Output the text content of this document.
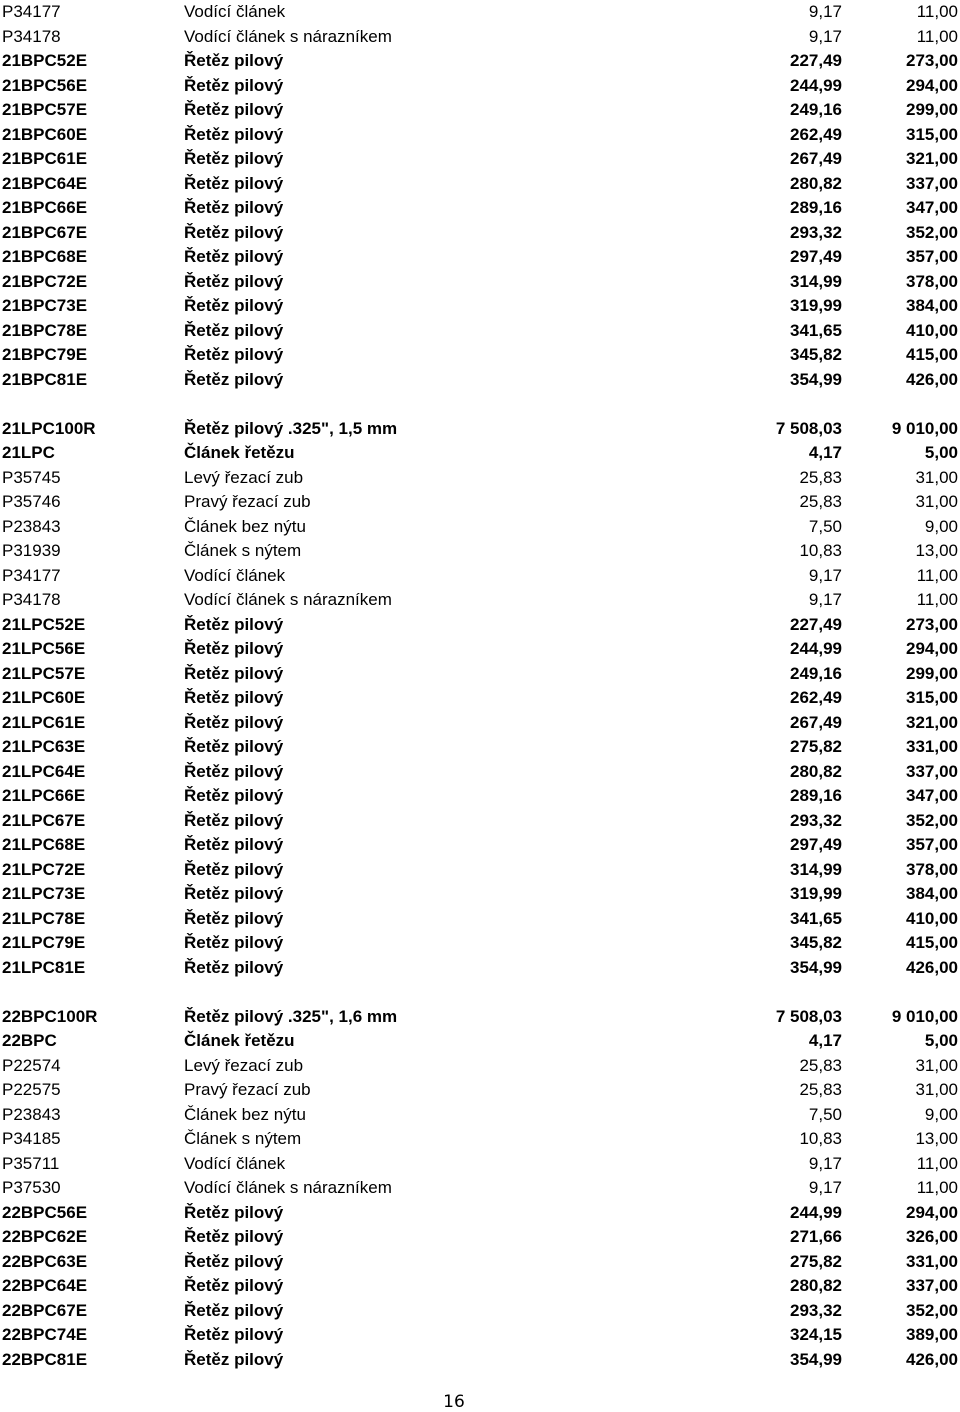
P34177	Vodící článek	9,17	11,00
P34178	Vodící článek s nárazníkem	9,17	11,00
21BPC52E	Řetěz pilový	227,49	273,00
21BPC56E	Řetěz pilový	244,99	294,00
21BPC57E	Řetěz pilový	249,16	299,00
21BPC60E	Řetěz pilový	262,49	315,00
21BPC61E	Řetěz pilový	267,49	321,00
21BPC64E	Řetěz pilový	280,82	337,00
21BPC66E	Řetěz pilový	289,16	347,00
21BPC67E	Řetěz pilový	293,32	352,00
21BPC68E	Řetěz pilový	297,49	357,00
21BPC72E	Řetěz pilový	314,99	378,00
21BPC73E	Řetěz pilový	319,99	384,00
21BPC78E	Řetěz pilový	341,65	410,00
21BPC79E	Řetěz pilový	345,82	415,00
21BPC81E	Řetěz pilový	354,99	426,00
21LPC100R	Řetěz pilový .325", 1,5 mm	7 508,03	9 010,00
21LPC	Článek řetězu	4,17	5,00
P35745	Levý řezací zub	25,83	31,00
P35746	Pravý řezací zub	25,83	31,00
P23843	Článek bez nýtu	7,50	9,00
P31939	Článek s nýtem	10,83	13,00
P34177	Vodící článek	9,17	11,00
P34178	Vodící článek s nárazníkem	9,17	11,00
21LPC52E	Řetěz pilový	227,49	273,00
21LPC56E	Řetěz pilový	244,99	294,00
21LPC57E	Řetěz pilový	249,16	299,00
21LPC60E	Řetěz pilový	262,49	315,00
21LPC61E	Řetěz pilový	267,49	321,00
21LPC63E	Řetěz pilový	275,82	331,00
21LPC64E	Řetěz pilový	280,82	337,00
21LPC66E	Řetěz pilový	289,16	347,00
21LPC67E	Řetěz pilový	293,32	352,00
21LPC68E	Řetěz pilový	297,49	357,00
21LPC72E	Řetěz pilový	314,99	378,00
21LPC73E	Řetěz pilový	319,99	384,00
21LPC78E	Řetěz pilový	341,65	410,00
21LPC79E	Řetěz pilový	345,82	415,00
21LPC81E	Řetěz pilový	354,99	426,00
22BPC100R	Řetěz pilový .325", 1,6 mm	7 508,03	9 010,00
22BPC	Článek řetězu	4,17	5,00
P22574	Levý řezací zub	25,83	31,00
P22575	Pravý řezací zub	25,83	31,00
P23843	Článek bez nýtu	7,50	9,00
P34185	Článek s nýtem	10,83	13,00
P35711	Vodící článek	9,17	11,00
P37530	Vodící článek s nárazníkem	9,17	11,00
22BPC56E	Řetěz pilový	244,99	294,00
22BPC62E	Řetěz pilový	271,66	326,00
22BPC63E	Řetěz pilový	275,82	331,00
22BPC64E	Řetěz pilový	280,82	337,00
22BPC67E	Řetěz pilový	293,32	352,00
22BPC74E	Řetěz pilový	324,15	389,00
22BPC81E	Řetěz pilový	354,99	426,00
16
